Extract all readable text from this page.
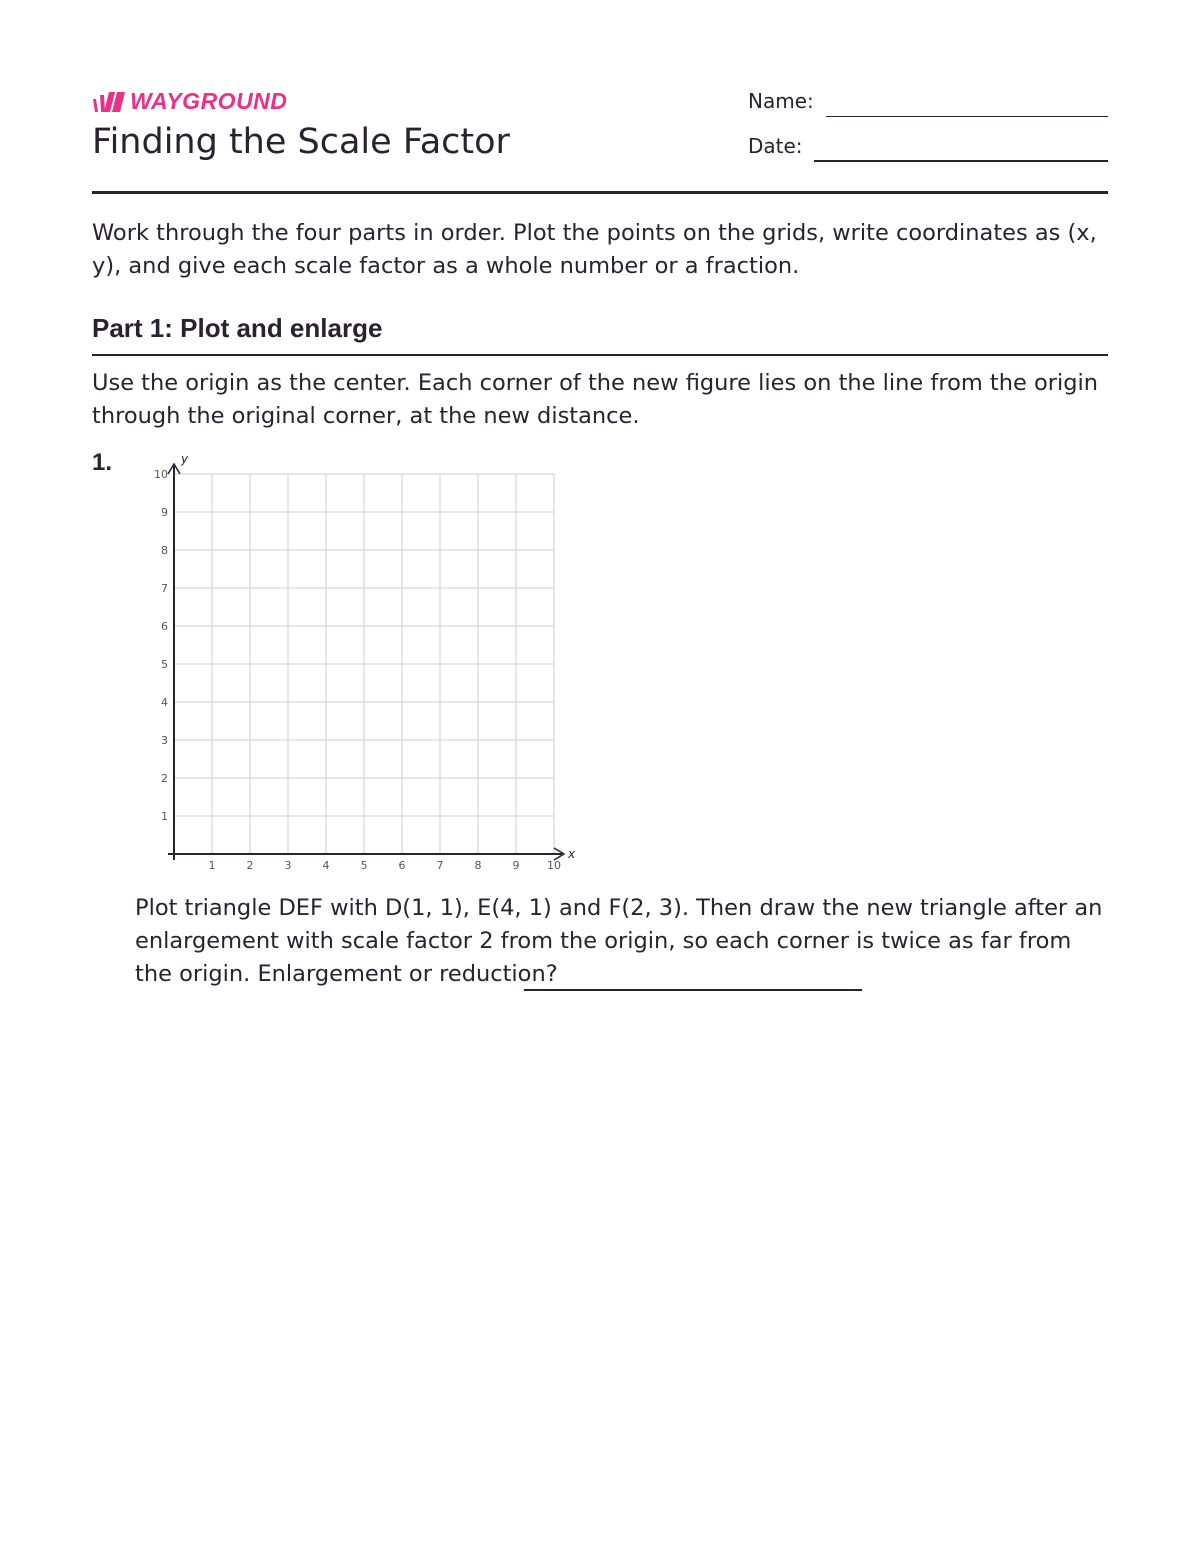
WAYGROUND
Finding the Scale Factor
Name:
Date:

Work through the four parts in order. Plot the points on the grids, write coordinates as (x, y), and give each scale factor as a whole number or a fraction.

Part 1: Plot and enlarge

Use the origin as the center. Each corner of the new figure lies on the line from the origin through the original corner, at the new distance.

1.
1	2	3	4	5	6	7	8	9	10
1
2
3
4
5
6
7
8
9
10
x
y

Plot triangle DEF with D(1, 1), E(4, 1) and F(2, 3). Then draw the new triangle after an enlargement with scale factor 2 from the origin, so each corner is twice as far from the origin. Enlargement or reduction?
